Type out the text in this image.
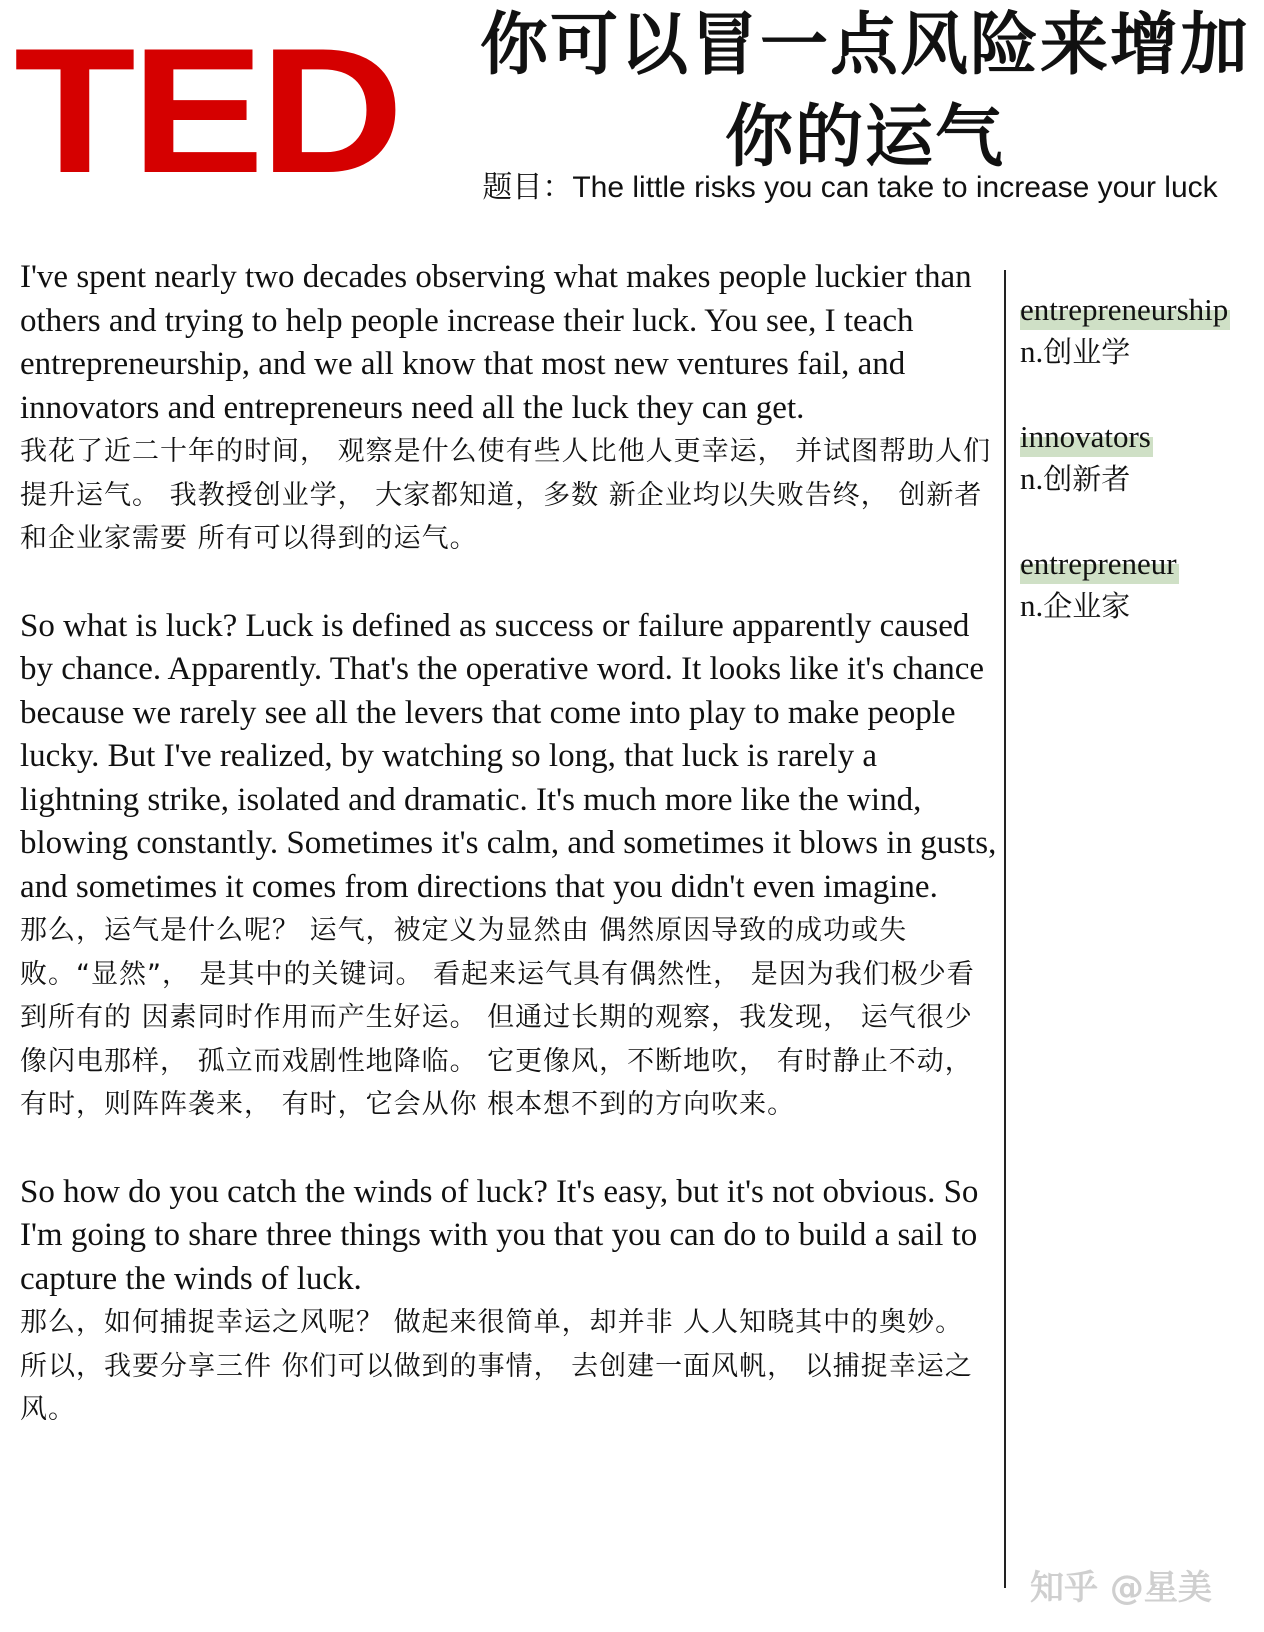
TED 你可以冒一点风险来增加你的运气
题目：The little risks you can take to increase your luck

I've spent nearly two decades observing what makes people luckier than others and trying to help people increase their luck. You see, I teach entrepreneurship, and we all know that most new ventures fail, and innovators and entrepreneurs need all the luck they can get.

我花了近二十年的时间， 观察是什么使有些人比他人更幸运， 并试图帮助人们提升运气。 我教授创业学， 大家都知道，多数 新企业均以失败告终， 创新者和企业家需要 所有可以得到的运气。

So what is luck? Luck is defined as success or failure apparently caused by chance. Apparently. That's the operative word. It looks like it's chance because we rarely see all the levers that come into play to make people lucky. But I've realized, by watching so long, that luck is rarely a lightning strike, isolated and dramatic. It's much more like the wind, blowing constantly. Sometimes it's calm, and sometimes it blows in gusts, and sometimes it comes from directions that you didn't even imagine.

那么，运气是什么呢？ 运气，被定义为显然由 偶然原因导致的成功或失败。“显然”， 是其中的关键词。 看起来运气具有偶然性， 是因为我们极少看到所有的 因素同时作用而产生好运。 但通过长期的观察，我发现， 运气很少像闪电那样， 孤立而戏剧性地降临。 它更像风，不断地吹， 有时静止不动， 有时，则阵阵袭来， 有时，它会从你 根本想不到的方向吹来。

So how do you catch the winds of luck? It's easy, but it's not obvious. So I'm going to share three things with you that you can do to build a sail to capture the winds of luck.

那么，如何捕捉幸运之风呢？ 做起来很简单，却并非 人人知晓其中的奥妙。 所以，我要分享三件 你们可以做到的事情， 去创建一面风帆， 以捕捉幸运之风。

entrepreneurship
n.创业学
innovators
n.创新者
entrepreneur
n.企业家
知乎 @星美
